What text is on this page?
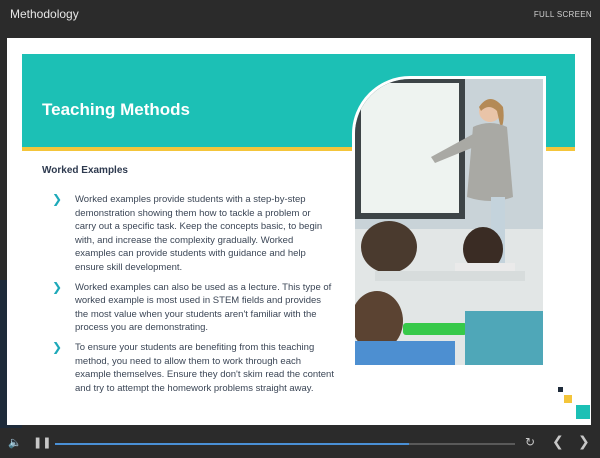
Methodology	FULL SCREEN
Teaching Methods
Worked Examples
❯ Worked examples provide students with a step-by-step demonstration showing them how to tackle a problem or carry out a specific task. Keep the concepts basic, to begin with, and increase the complexity gradually. Worked examples can provide students with guidance and help ensure skill development.
❯ Worked examples can also be used as a lecture. This type of worked example is most used in STEM fields and provides the most value when your students aren't familiar with the process you are demonstrating.
❯ To ensure your students are benefiting from this teaching method, you need to allow them to work through each example themselves. Ensure they don't skim read the content and try to attempt the homework problems straight away.
🔈 ❚❚	↻ ❮ ❯
